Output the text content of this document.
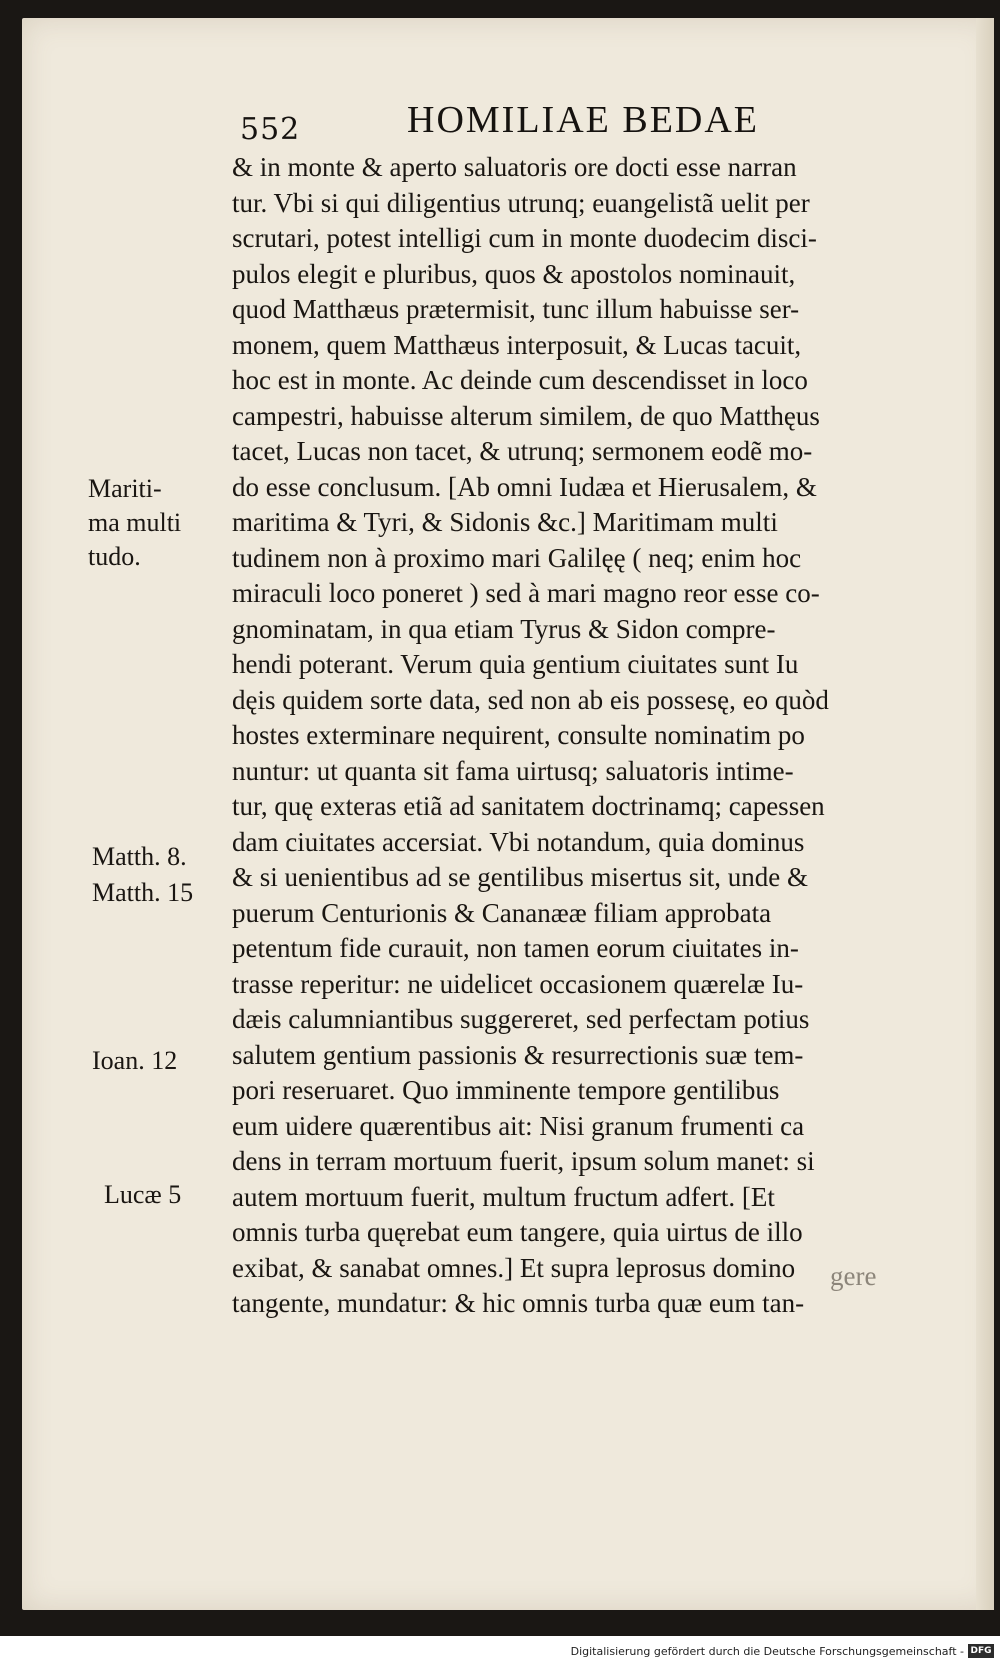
552	HOMILIAE BEDAE
& in monte & aperto saluatoris ore docti esse narran
tur. Vbi si qui diligentius utrunq; euangelistã uelit per
scrutari, potest intelligi cum in monte duodecim disci-
pulos elegit e pluribus, quos & apostolos nominauit,
quod Matthæus prætermisit, tunc illum habuisse ser-
monem, quem Matthæus interposuit, & Lucas tacuit,
hoc est in monte. Ac deinde cum descendisset in loco
campestri, habuisse alterum similem, de quo Matthęus
tacet, Lucas non tacet, & utrunq; sermonem eodẽ mo-
do esse conclusum. [Ab omni Iudæa et Hierusalem, &
maritima & Tyri, & Sidonis &c.] Maritimam multi
tudinem non à proximo mari Galilęę ( neq; enim hoc
miraculi loco poneret ) sed à mari magno reor esse co-
gnominatam, in qua etiam Tyrus & Sidon compre-
hendi poterant. Verum quia gentium ciuitates sunt Iu
dęis quidem sorte data, sed non ab eis possesę, eo quòd
hostes exterminare nequirent, consulte nominatim po
nuntur: ut quanta sit fama uirtusq; saluatoris intime-
tur, quę exteras etiã ad sanitatem doctrinamq; capessen
dam ciuitates accersiat. Vbi notandum, quia dominus
& si uenientibus ad se gentilibus misertus sit, unde &
puerum Centurionis & Cananææ filiam approbata
petentum fide curauit, non tamen eorum ciuitates in-
trasse reperitur: ne uidelicet occasionem quærelæ Iu-
dæis calumniantibus suggereret, sed perfectam potius
salutem gentium passionis & resurrectionis suæ tem-
pori reseruaret. Quo imminente tempore gentilibus
eum uidere quærentibus ait: Nisi granum frumenti ca
dens in terram mortuum fuerit, ipsum solum manet: si
autem mortuum fuerit, multum fructum adfert. [Et
omnis turba quęrebat eum tangere, quia uirtus de illo
exibat, & sanabat omnes.] Et supra leprosus domino
tangente, mundatur: & hic omnis turba quæ eum tan-
gere
Mariti-
ma multi
tudo.
Matth. 8.
Matth. 15
Ioan. 12
Lucæ 5
Digitalisierung gefördert durch die Deutsche Forschungsgemeinschaft - DFG
